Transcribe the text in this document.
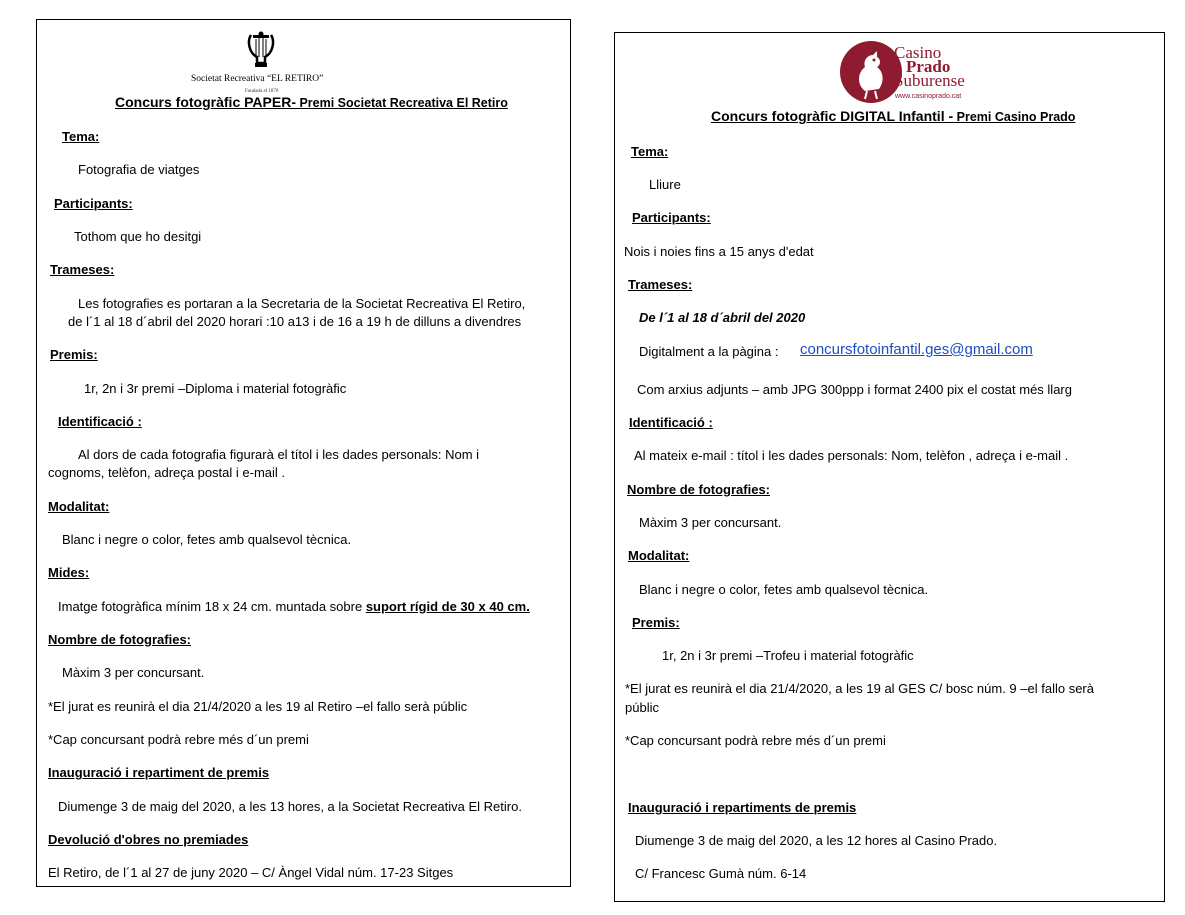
Societat Recreativa “EL RETIRO”
Fundada el 1870
Concurs fotogràfic PAPER- Premi Societat Recreativa El Retiro
Tema:
Fotografia de viatges
Participants:
Tothom que ho desitgi
Trameses:
Les fotografies es portaran a la Secretaria de la Societat Recreativa El Retiro,
de l´1 al 18 d´abril del 2020 horari :10 a13 i de 16 a 19 h de dilluns a divendres
Premis:
1r, 2n i 3r premi –Diploma i material fotogràfic
Identificació :
Al dors de cada fotografia figurarà el títol i les dades personals: Nom i
cognoms, telèfon, adreça postal i e-mail .
Modalitat:
Blanc i negre o color, fetes amb qualsevol tècnica.
Mides:
Imatge fotogràfica mínim 18 x 24 cm. muntada sobre suport rígid de 30 x 40 cm.
Nombre de fotografies:
Màxim 3 per concursant.
*El jurat es reunirà el dia 21/4/2020 a les 19 al Retiro –el fallo serà públic
*Cap concursant podrà rebre més d´un premi
Inauguració i repartiment de premis
Diumenge 3 de maig del 2020, a les 13 hores, a la Societat Recreativa El Retiro.
Devolució d'obres no premiades
El Retiro, de l´1 al 27 de juny 2020 – C/ Àngel Vidal núm. 17-23 Sitges
Casino
Prado
Suburense
www.casinoprado.cat
Concurs fotogràfic DIGITAL Infantil - Premi Casino Prado
Tema:
Lliure
Participants:
Nois i noies fins a 15 anys d'edat
Trameses:
De l´1 al 18 d´abril del 2020
Digitalment a la pàgina : concursfotoinfantil.ges@gmail.com
Com arxius adjunts – amb JPG 300ppp i format 2400 pix el costat més llarg
Identificació :
Al mateix e-mail : títol i les dades personals: Nom, telèfon , adreça i e-mail .
Nombre de fotografies:
Màxim 3 per concursant.
Modalitat:
Blanc i negre o color, fetes amb qualsevol tècnica.
Premis:
1r, 2n i 3r premi –Trofeu i material fotogràfic
*El jurat es reunirà el dia 21/4/2020, a les 19 al GES C/ bosc núm. 9 –el fallo serà
públic
*Cap concursant podrà rebre més d´un premi
Inauguració i repartiments de premis
Diumenge 3 de maig del 2020, a les 12 hores al Casino Prado.
C/ Francesc Gumà núm. 6-14
